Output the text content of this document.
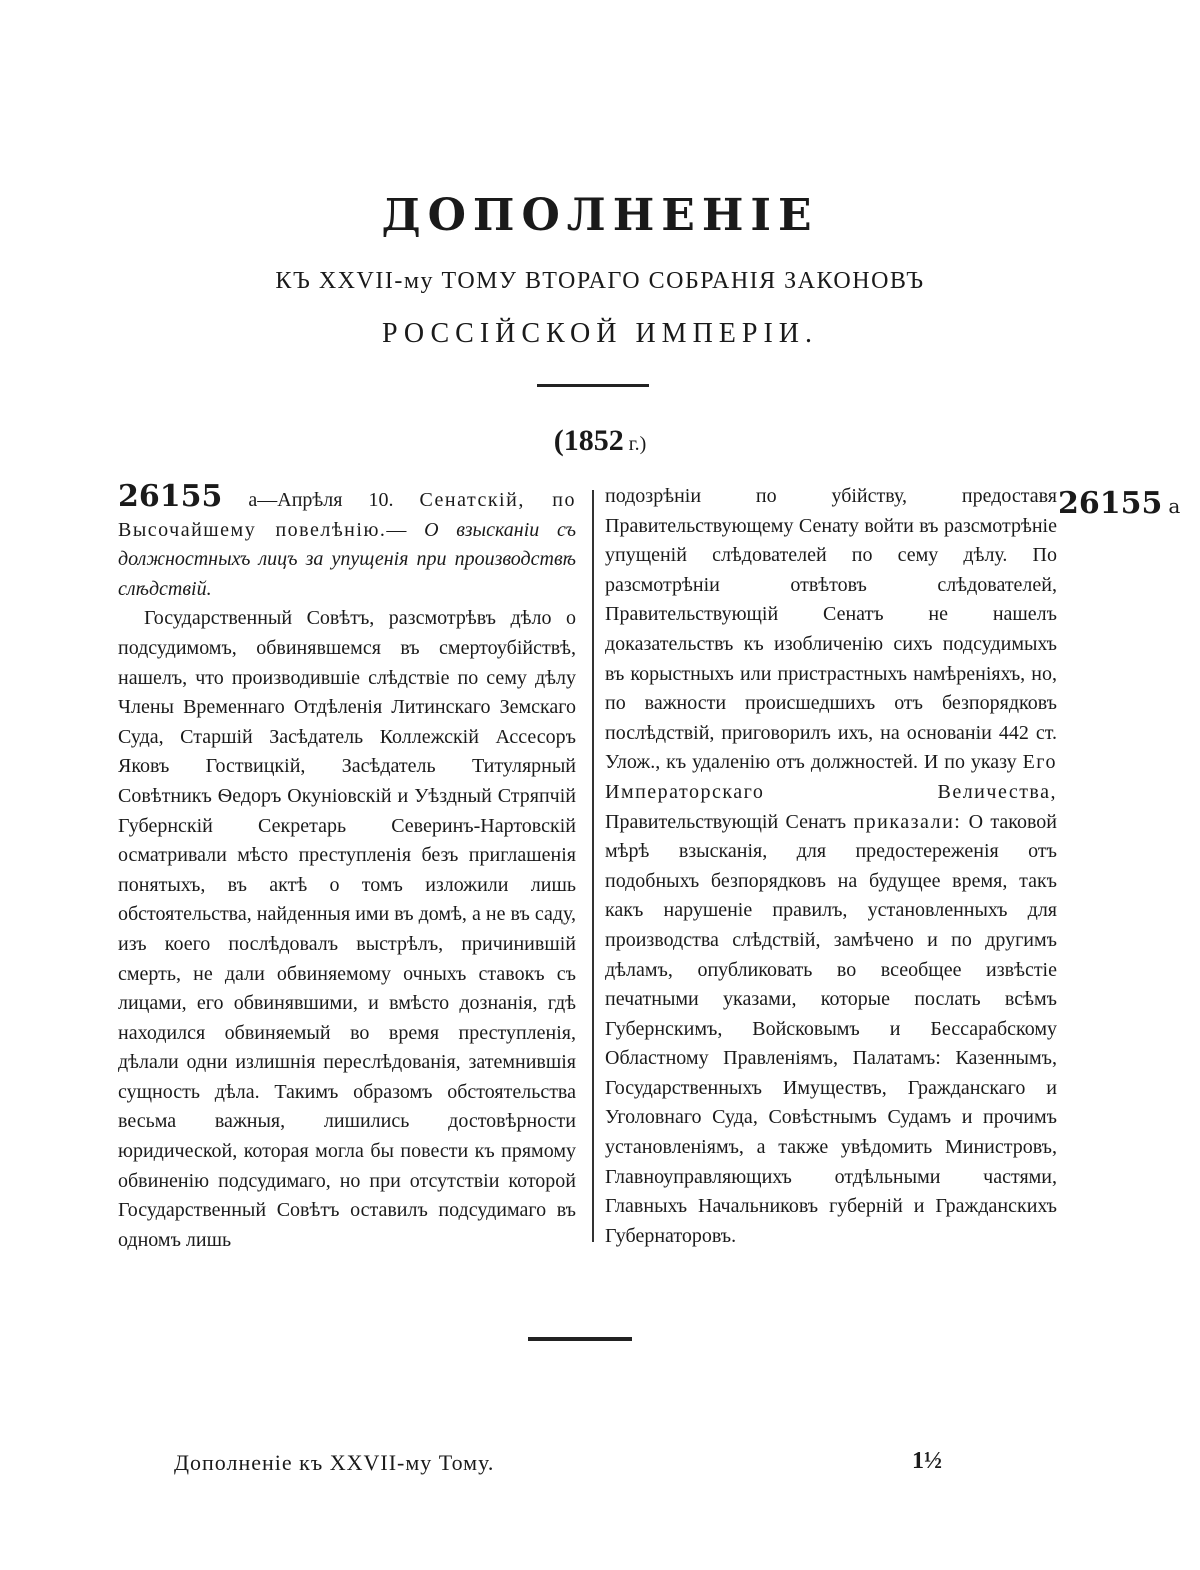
ДОПОЛНЕНІЕ
КЪ XXVII-му ТОМУ ВТОРАГО СОБРАНІЯ ЗАКОНОВЪ
РОССІЙСКОЙ ИМПЕРІИ.
(1852 г.)

26155 а—Апрѣля 10. Сенатскій, по Высочайшему повелѣнію.— О взысканіи съ должностныхъ лицъ за упущенія при производствѣ слѣдствій.

Государственный Совѣтъ, разсмотрѣвъ дѣло о подсудимомъ, обвинявшемся въ смертоубійствѣ, нашелъ, что производившіе слѣдствіе по сему дѣлу Члены Временнаго Отдѣленія Литинскаго Земскаго Суда, Старшій Засѣдатель Коллежскій Ассесоръ Яковъ Гоствицкій, Засѣдатель Титулярный Совѣтникъ Ѳедоръ Окуніовскій и Уѣздный Стряпчій Губернскій Секретарь Северинъ-Нартовскій осматривали мѣсто преступленія безъ приглашенія понятыхъ, въ актѣ о томъ изложили лишь обстоятельства, найденныя ими въ домѣ, а не въ саду, изъ коего послѣдовалъ выстрѣлъ, причинившій смерть, не дали обвиняемому очныхъ ставокъ съ лицами, его обвинявшими, и вмѣсто дознанія, гдѣ находился обвиняемый во время преступленія, дѣлали одни излишнія переслѣдованія, затемнившія сущность дѣла. Такимъ образомъ обстоятельства весьма важныя, лишились достовѣрности юридической, которая могла бы повести къ прямому обвиненію подсудимаго, но при отсутствіи которой Государственный Совѣтъ оставилъ подсудимаго въ одномъ лишь

подозрѣніи по убійству, предоставя Правительствующему Сенату войти въ разсмотрѣніе упущеній слѣдователей по сему дѣлу. По разсмотрѣніи отвѣтовъ слѣдователей, Правительствующій Сенатъ не нашелъ доказательствъ къ изобличенію сихъ подсудимыхъ въ корыстныхъ или пристрастныхъ намѣреніяхъ, но, по важности происшедшихъ отъ безпорядковъ послѣдствій, приговорилъ ихъ, на основаніи 442 ст. Улож., къ удаленію отъ должностей. И по указу Его Императорскаго Величества, Правительствующій Сенатъ приказали: О таковой мѣрѣ взысканія, для предостереженія отъ подобныхъ безпорядковъ на будущее время, такъ какъ нарушеніе правилъ, установленныхъ для производства слѣдствій, замѣчено и по другимъ дѣламъ, опубликовать во всеобщее извѣстіе печатными указами, которые послать всѣмъ Губернскимъ, Войсковымъ и Бессарабскому Областному Правленіямъ, Палатамъ: Казеннымъ, Государственныхъ Имуществъ, Гражданскаго и Уголовнаго Суда, Совѣстнымъ Судамъ и прочимъ установленіямъ, а также увѣдомить Министровъ, Главноуправляющихъ отдѣльными частями, Главныхъ Начальниковъ губерній и Гражданскихъ Губернаторовъ.

26155 а
Дополненіе къ XXVII-му Тому.	1½
